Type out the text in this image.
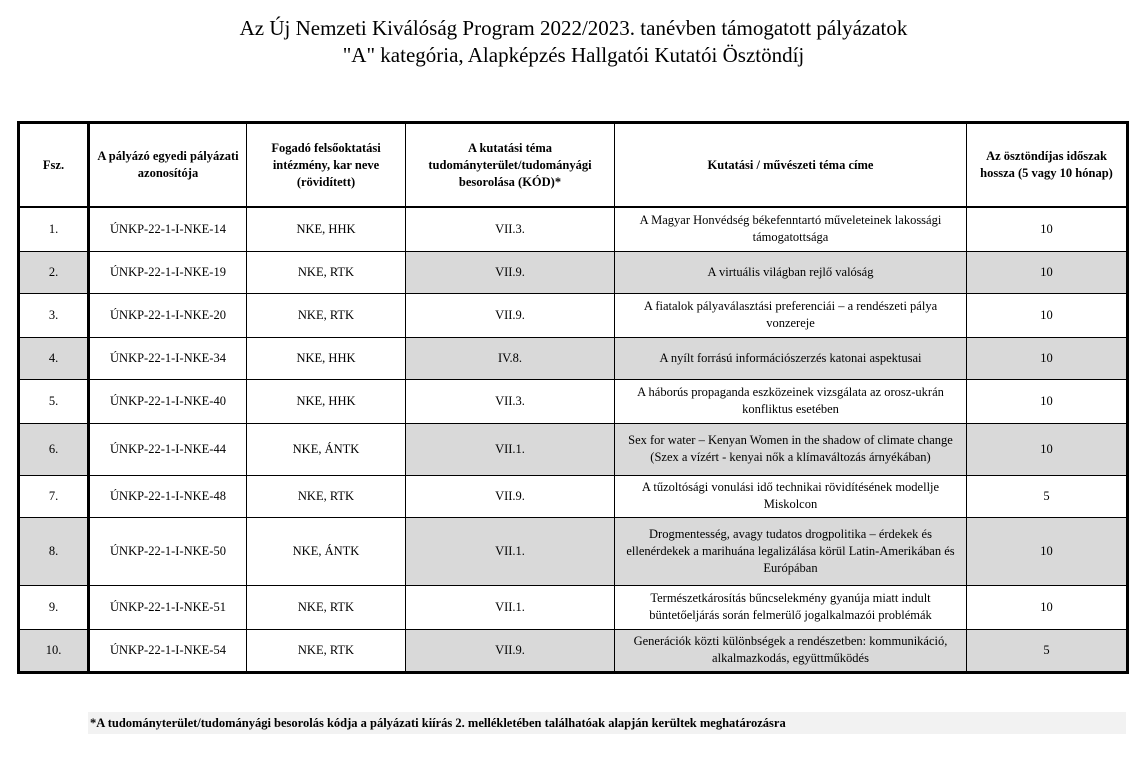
Az Új Nemzeti Kiválóság Program 2022/2023. tanévben támogatott pályázatok
"A" kategória, Alapképzés Hallgatói Kutatói Ösztöndíj
Fsz.	A pályázó egyedi pályázati azonosítója	Fogadó felsőoktatási intézmény, kar neve (rövidített)	A kutatási téma tudományterület/tudományági besorolása (KÓD)*	Kutatási / művészeti téma címe	Az ösztöndíjas időszak hossza (5 vagy 10 hónap)
1.	ÚNKP-22-1-I-NKE-14	NKE, HHK	VII.3.	A Magyar Honvédség békefenntartó műveleteinek lakossági támogatottsága	10
2.	ÚNKP-22-1-I-NKE-19	NKE, RTK	VII.9.	A virtuális világban rejlő valóság	10
3.	ÚNKP-22-1-I-NKE-20	NKE, RTK	VII.9.	A fiatalok pályaválasztási preferenciái – a rendészeti pálya vonzereje	10
4.	ÚNKP-22-1-I-NKE-34	NKE, HHK	IV.8.	A nyílt forrású információszerzés katonai aspektusai	10
5.	ÚNKP-22-1-I-NKE-40	NKE, HHK	VII.3.	A háborús propaganda eszközeinek vizsgálata az orosz-ukrán konfliktus esetében	10
6.	ÚNKP-22-1-I-NKE-44	NKE, ÁNTK	VII.1.	Sex for water – Kenyan Women in the shadow of climate change (Szex a vízért - kenyai nők a klímaváltozás árnyékában)	10
7.	ÚNKP-22-1-I-NKE-48	NKE, RTK	VII.9.	A tűzoltósági vonulási idő technikai rövidítésének modellje Miskolcon	5
8.	ÚNKP-22-1-I-NKE-50	NKE, ÁNTK	VII.1.	Drogmentesség, avagy tudatos drogpolitika – érdekek és ellenérdekek a marihuána legalizálása körül Latin-Amerikában és Európában	10
9.	ÚNKP-22-1-I-NKE-51	NKE, RTK	VII.1.	Természetkárosítás bűncselekmény gyanúja miatt indult büntetőeljárás során felmerülő jogalkalmazói problémák	10
10.	ÚNKP-22-1-I-NKE-54	NKE, RTK	VII.9.	Generációk közti különbségek a rendészetben: kommunikáció, alkalmazkodás, együttműködés	5
*A tudományterület/tudományági besorolás kódja a pályázati kiírás 2. mellékletében találhatóak alapján kerültek meghatározásra
